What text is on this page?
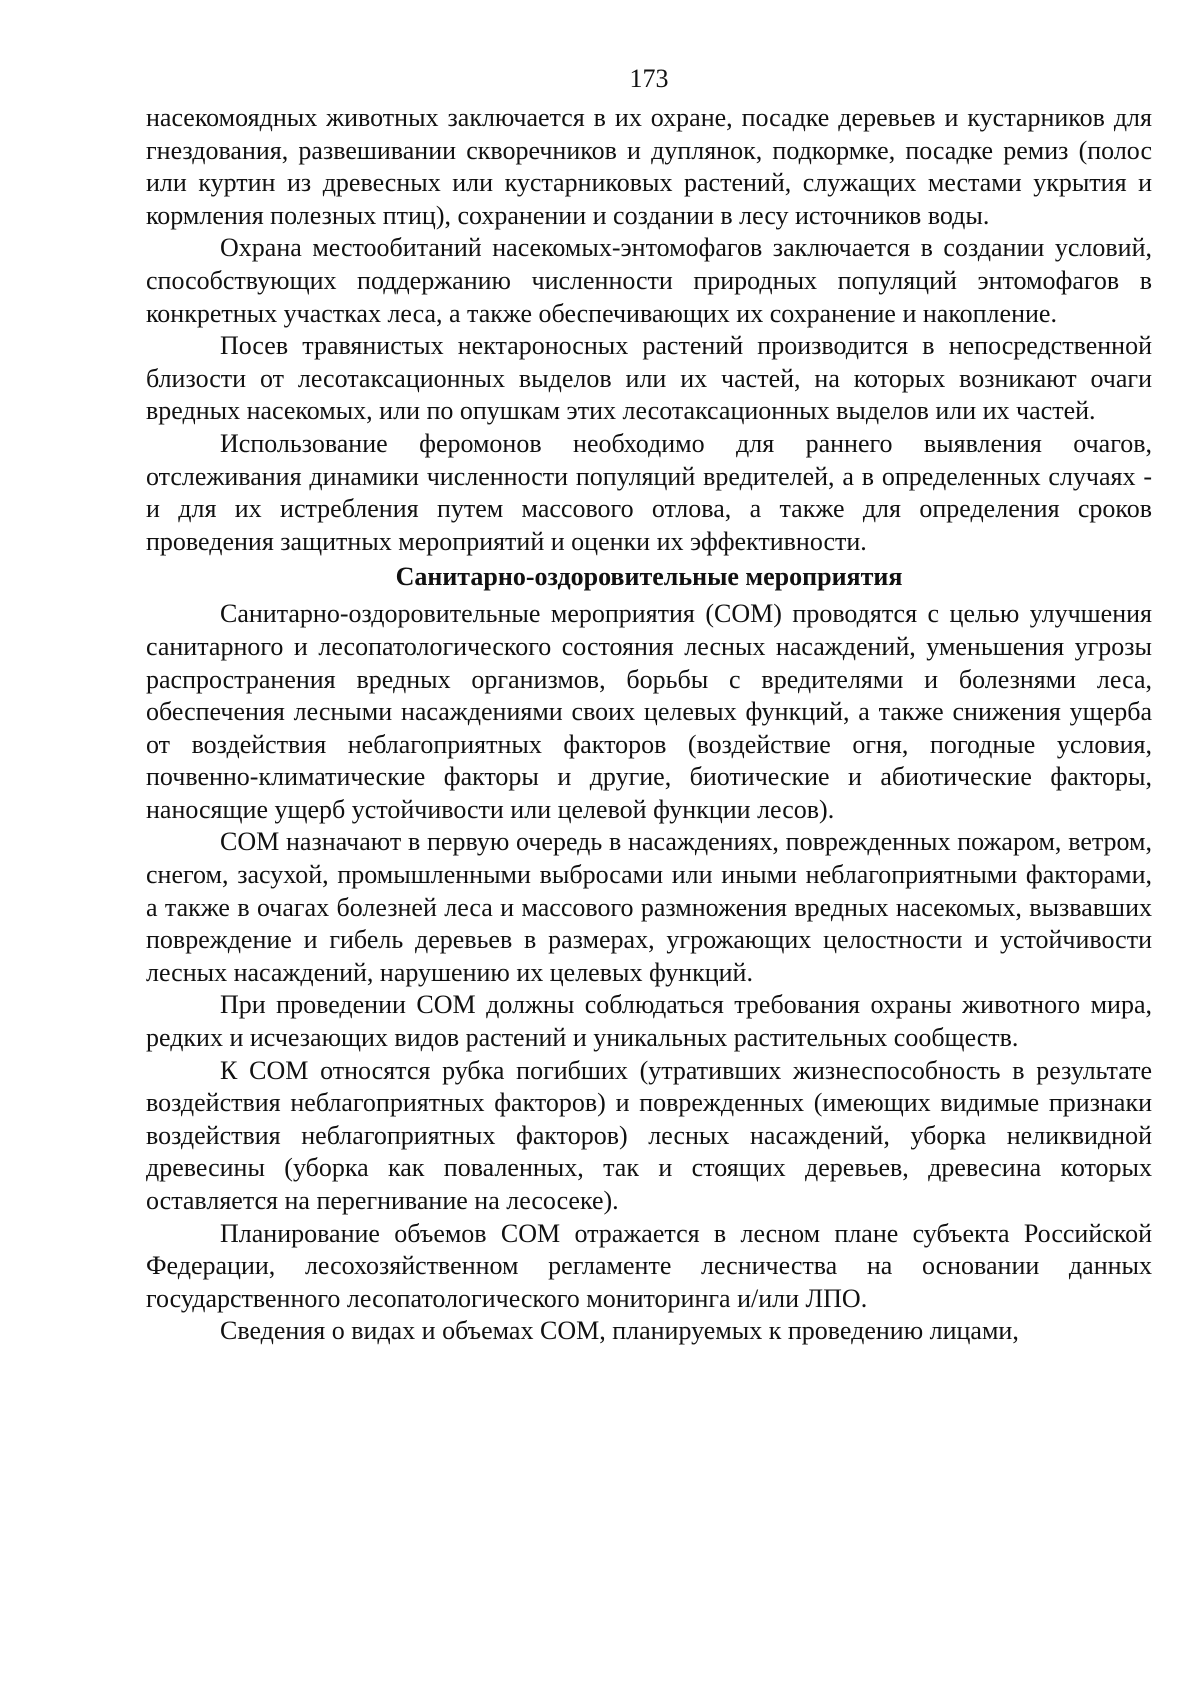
173

насекомоядных животных заключается в их охране, посадке деревьев и кустарников для гнездования, развешивании скворечников и дуплянок, подкормке, посадке ремиз (полос или куртин из древесных или кустарниковых растений, служащих местами укрытия и кормления полезных птиц), сохранении и создании в лесу источников воды.

Охрана местообитаний насекомых-энтомофагов заключается в создании условий, способствующих поддержанию численности природных популяций энтомофагов в конкретных участках леса, а также обеспечивающих их сохранение и накопление.

Посев травянистых нектароносных растений производится в непосредственной близости от лесотаксационных выделов или их частей, на которых возникают очаги вредных насекомых, или по опушкам этих лесотаксационных выделов или их частей.

Использование феромонов необходимо для раннего выявления очагов, отслеживания динамики численности популяций вредителей, а в определенных случаях - и для их истребления путем массового отлова, а также для определения сроков проведения защитных мероприятий и оценки их эффективности.

Санитарно-оздоровительные мероприятия

Санитарно-оздоровительные мероприятия (СОМ) проводятся с целью улучшения санитарного и лесопатологического состояния лесных насаждений, уменьшения угрозы распространения вредных организмов, борьбы с вредителями и болезнями леса, обеспечения лесными насаждениями своих целевых функций, а также снижения ущерба от воздействия неблагоприятных факторов (воздействие огня, погодные условия, почвенно-климатические факторы и другие, биотические и абиотические факторы, наносящие ущерб устойчивости или целевой функции лесов).

СОМ назначают в первую очередь в насаждениях, поврежденных пожаром, ветром, снегом, засухой, промышленными выбросами или иными неблагоприятными факторами, а также в очагах болезней леса и массового размножения вредных насекомых, вызвавших повреждение и гибель деревьев в размерах, угрожающих целостности и устойчивости лесных насаждений, нарушению их целевых функций.

При проведении СОМ должны соблюдаться требования охраны животного мира, редких и исчезающих видов растений и уникальных растительных сообществ.

К СОМ относятся рубка погибших (утративших жизнеспособность в результате воздействия неблагоприятных факторов) и поврежденных (имеющих видимые признаки воздействия неблагоприятных факторов) лесных насаждений, уборка неликвидной древесины (уборка как поваленных, так и стоящих деревьев, древесина которых оставляется на перегнивание на лесосеке).

Планирование объемов СОМ отражается в лесном плане субъекта Российской Федерации, лесохозяйственном регламенте лесничества на основании данных государственного лесопатологического мониторинга и/или ЛПО.

Сведения о видах и объемах СОМ, планируемых к проведению лицами,
